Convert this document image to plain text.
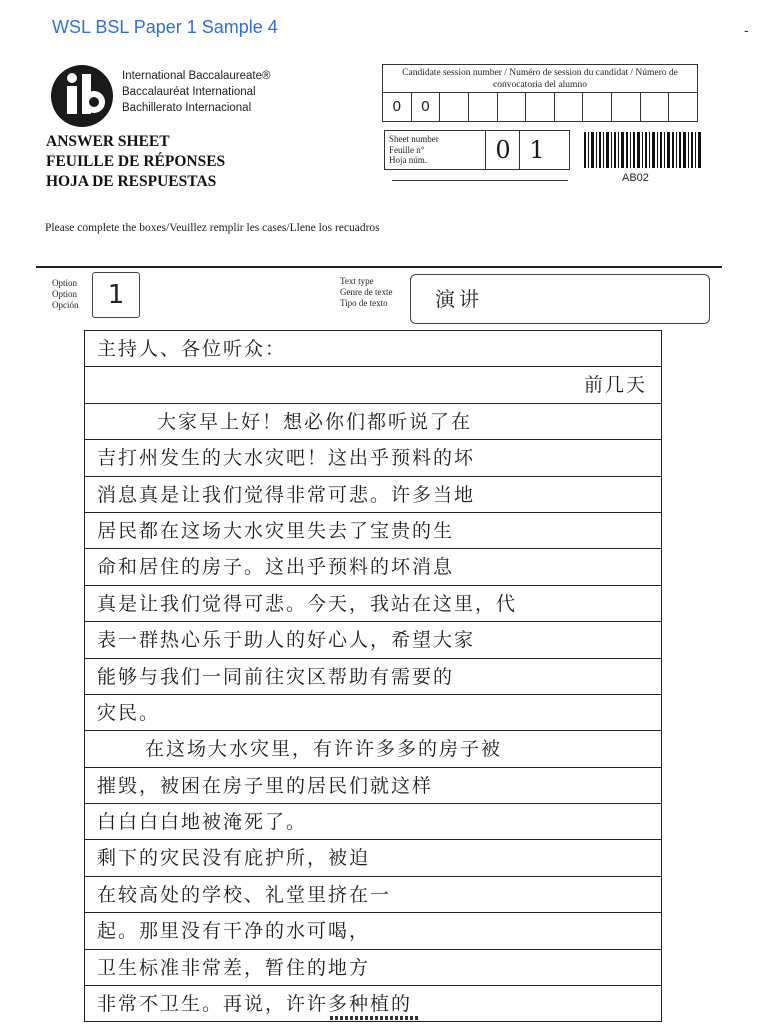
WSL BSL Paper 1 Sample 4	-
International Baccalaureate®
Baccalauréat International
Bachillerato Internacional
ANSWER SHEET
FEUILLE DE RÉPONSES
HOJA DE RESPUESTAS
Candidate session number / Numéro de session du candidat / Número de convocatoria del alumno
0	0
Sheet number
Feuille n°
Hoja núm.	0 1
AB02
Please complete the boxes/Veuillez remplir les cases/Llene los recuadros
Option
Option
Opción	1	Text type
Genre de texte
Tipo de texto	演讲
主持人、各位听众：
前几天
大家早上好！想必你们都听说了在
吉打州发生的大水灾吧！这出乎预料的坏
消息真是让我们觉得非常可悲。许多当地
居民都在这场大水灾里失去了宝贵的生
命和居住的房子。这出乎预料的坏消息
真是让我们觉得可悲。今天，我站在这里，代
表一群热心乐于助人的好心人，希望大家
能够与我们一同前往灾区帮助有需要的
灾民。
在这场大水灾里，有许许多多的房子被
摧毁，被困在房子里的居民们就这样
白白白白地被淹死了。
剩下的灾民没有庇护所，被迫
在较高处的学校、礼堂里挤在一
起。那里没有干净的水可喝，
卫生标准非常差，暂住的地方
非常不卫生。再说，许许多种植的
